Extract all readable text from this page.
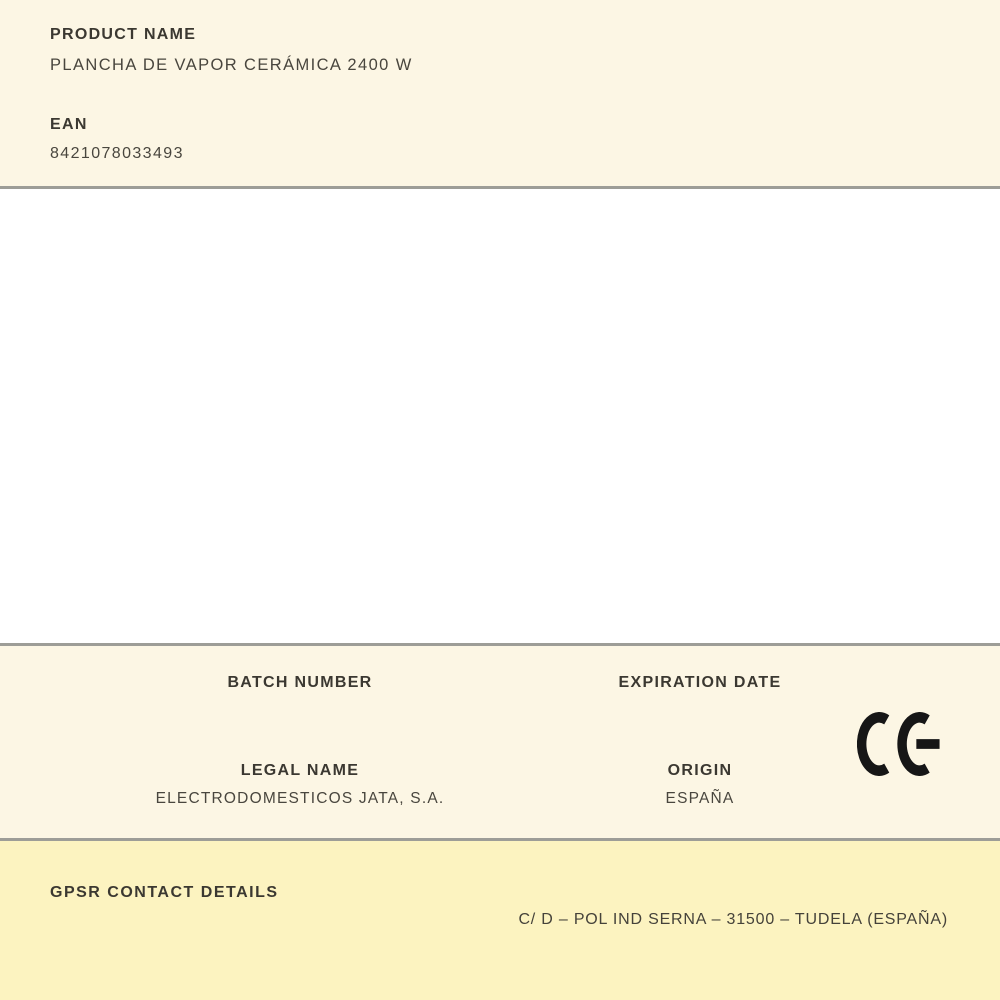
PRODUCT NAME
PLANCHA DE VAPOR CERÁMICA 2400 W
EAN
8421078033493
BATCH NUMBER	EXPIRATION DATE
LEGAL NAME
ELECTRODOMESTICOS JATA, S.A.
ORIGIN
ESPAÑA
GPSR CONTACT DETAILS
C/ D – POL IND SERNA – 31500 – TUDELA (ESPAÑA)
